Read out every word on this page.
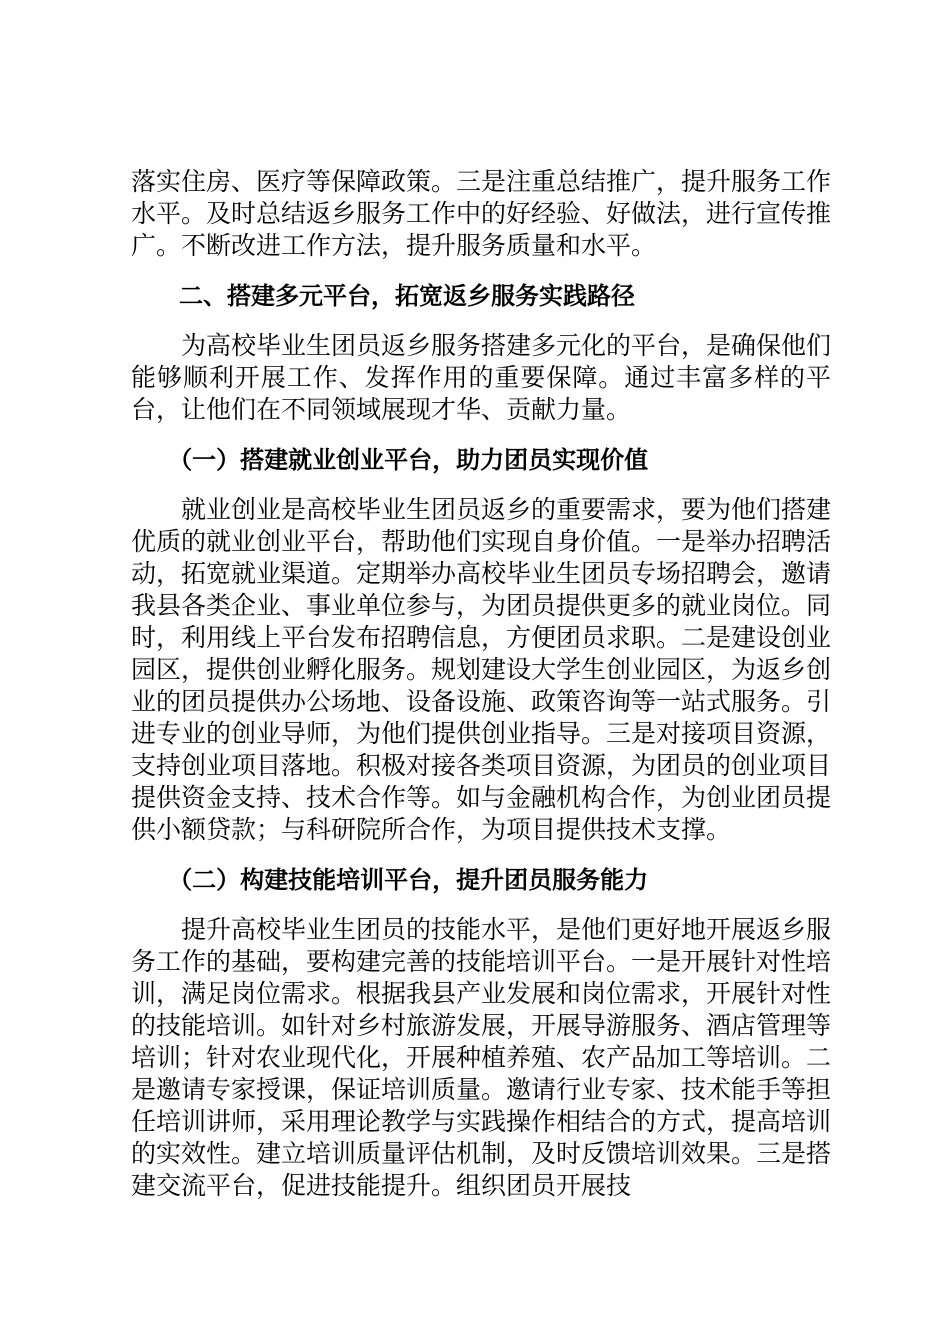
落实住房、医疗等保障政策。三是注重总结推广，提升服务工作水平。及时总结返乡服务工作中的好经验、好做法，进行宣传推广。不断改进工作方法，提升服务质量和水平。

二、搭建多元平台，拓宽返乡服务实践路径

为高校毕业生团员返乡服务搭建多元化的平台，是确保他们能够顺利开展工作、发挥作用的重要保障。通过丰富多样的平台，让他们在不同领域展现才华、贡献力量。

（一）搭建就业创业平台，助力团员实现价值

就业创业是高校毕业生团员返乡的重要需求，要为他们搭建优质的就业创业平台，帮助他们实现自身价值。一是举办招聘活动，拓宽就业渠道。定期举办高校毕业生团员专场招聘会，邀请我县各类企业、事业单位参与，为团员提供更多的就业岗位。同时，利用线上平台发布招聘信息，方便团员求职。二是建设创业园区，提供创业孵化服务。规划建设大学生创业园区，为返乡创业的团员提供办公场地、设备设施、政策咨询等一站式服务。引进专业的创业导师，为他们提供创业指导。三是对接项目资源，支持创业项目落地。积极对接各类项目资源，为团员的创业项目提供资金支持、技术合作等。如与金融机构合作，为创业团员提供小额贷款；与科研院所合作，为项目提供技术支撑。

（二）构建技能培训平台，提升团员服务能力

提升高校毕业生团员的技能水平，是他们更好地开展返乡服务工作的基础，要构建完善的技能培训平台。一是开展针对性培训，满足岗位需求。根据我县产业发展和岗位需求，开展针对性的技能培训。如针对乡村旅游发展，开展导游服务、酒店管理等培训；针对农业现代化，开展种植养殖、农产品加工等培训。二是邀请专家授课，保证培训质量。邀请行业专家、技术能手等担任培训讲师，采用理论教学与实践操作相结合的方式，提高培训的实效性。建立培训质量评估机制，及时反馈培训效果。三是搭建交流平台，促进技能提升。组织团员开展技
